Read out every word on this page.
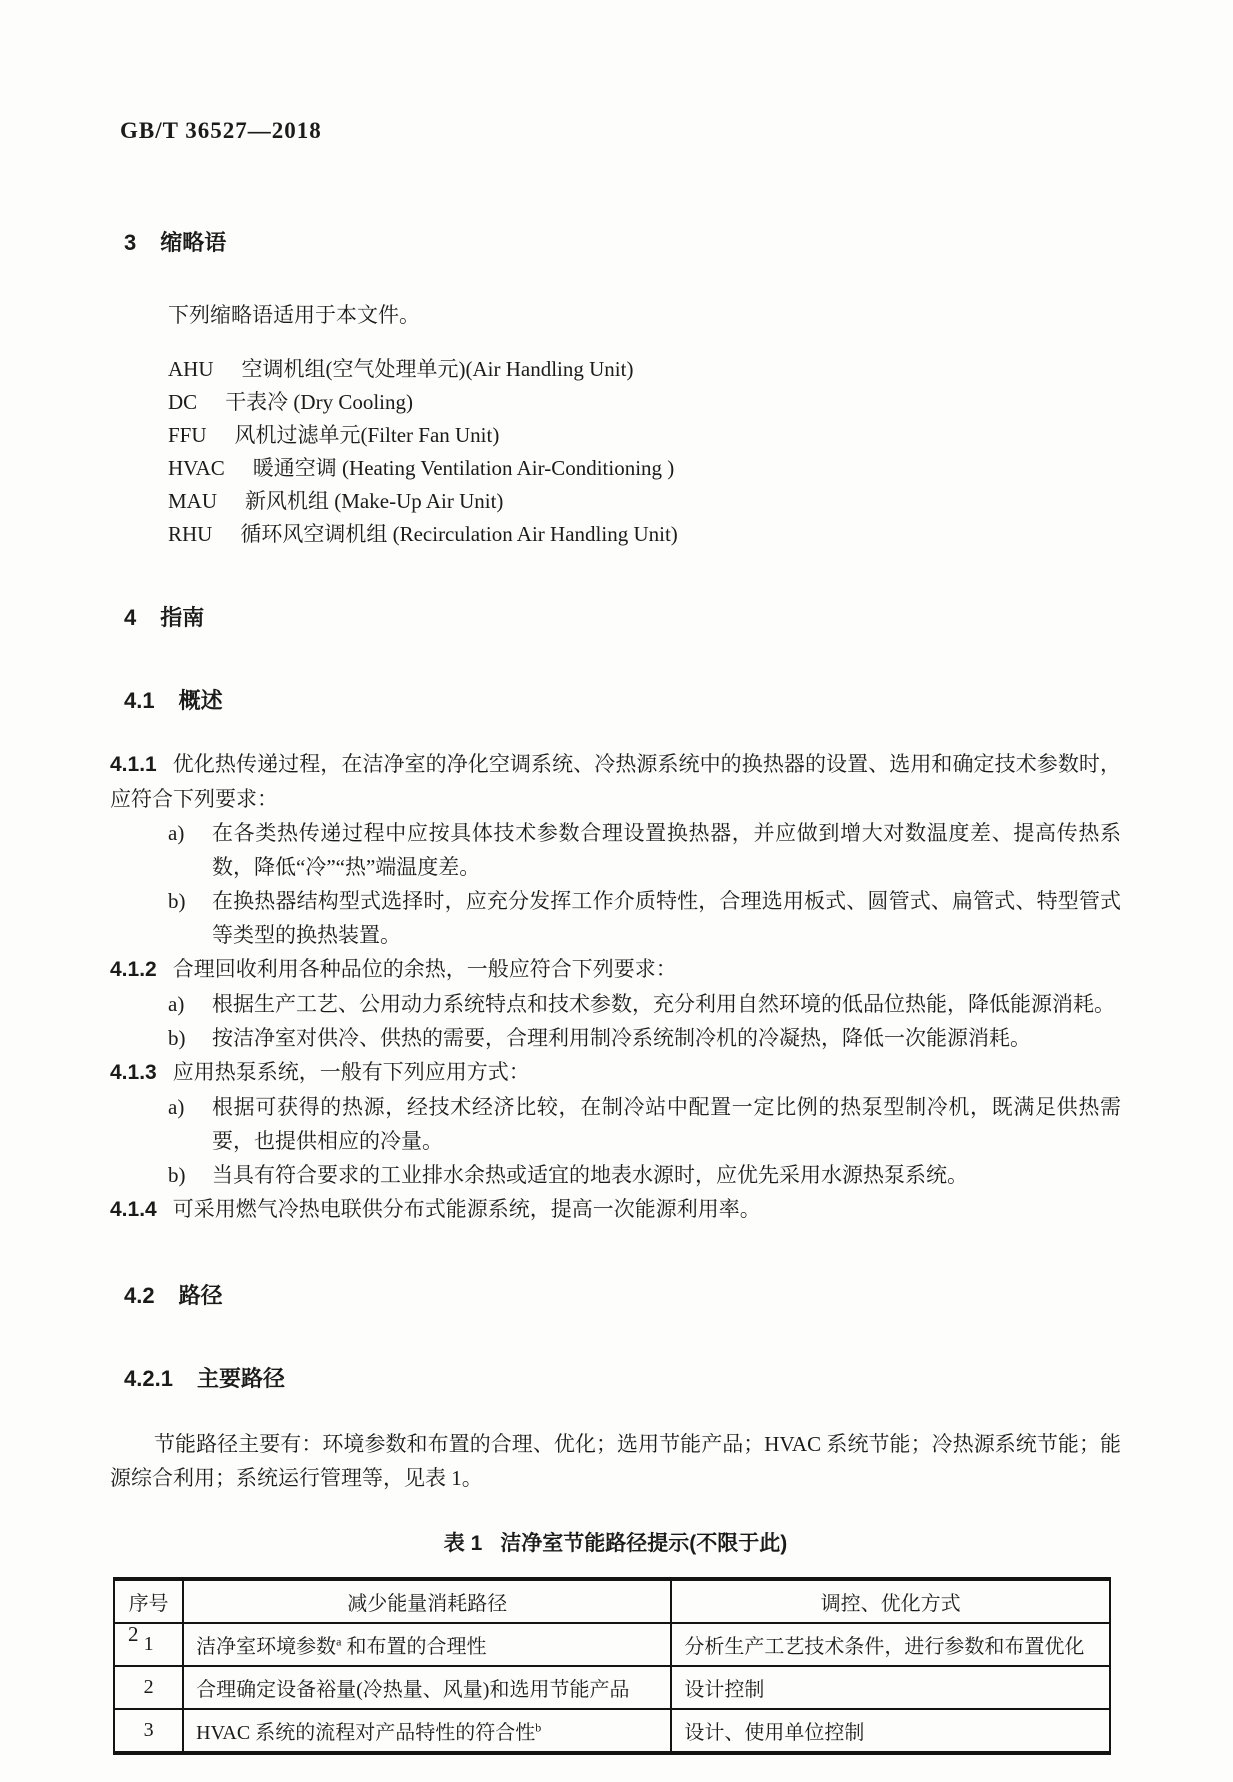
GB/T 36527—2018
3 缩略语

下列缩略语适用于本文件。

AHU 空调机组(空气处理单元)(Air Handling Unit)
DC 干表冷 (Dry Cooling)
FFU 风机过滤单元(Filter Fan Unit)
HVAC 暖通空调 (Heating Ventilation Air-Conditioning )
MAU 新风机组 (Make-Up Air Unit)
RHU 循环风空调机组 (Recirculation Air Handling Unit)
4 指南
4.1 概述

4.1.1 优化热传递过程，在洁净室的净化空调系统、冷热源系统中的换热器的设置、选用和确定技术参数时，应符合下列要求：

a)	在各类热传递过程中应按具体技术参数合理设置换热器，并应做到增大对数温度差、提高传热系数，降低“冷”“热”端温度差。
b)	在换热器结构型式选择时，应充分发挥工作介质特性，合理选用板式、圆管式、扁管式、特型管式等类型的换热装置。

4.1.2 合理回收利用各种品位的余热，一般应符合下列要求：

a)	根据生产工艺、公用动力系统特点和技术参数，充分利用自然环境的低品位热能，降低能源消耗。
b)	按洁净室对供冷、供热的需要，合理利用制冷系统制冷机的冷凝热，降低一次能源消耗。

4.1.3 应用热泵系统，一般有下列应用方式：

a)	根据可获得的热源，经技术经济比较，在制冷站中配置一定比例的热泵型制冷机，既满足供热需要，也提供相应的冷量。
b)	当具有符合要求的工业排水余热或适宜的地表水源时，应优先采用水源热泵系统。

4.1.4 可采用燃气冷热电联供分布式能源系统，提高一次能源利用率。

4.2 路径
4.2.1 主要路径

节能路径主要有：环境参数和布置的合理、优化；选用节能产品；HVAC 系统节能；冷热源系统节能；能源综合利用；系统运行管理等，见表 1。

表 1 洁净室节能路径提示(不限于此)
序号	减少能量消耗路径	调控、优化方式
1	洁净室环境参数$^a$ 和布置的合理性	分析生产工艺技术条件，进行参数和布置优化
2	合理确定设备裕量(冷热量、风量)和选用节能产品	设计控制
3	HVAC 系统的流程对产品特性的符合性$^b$	设计、使用单位控制
2
